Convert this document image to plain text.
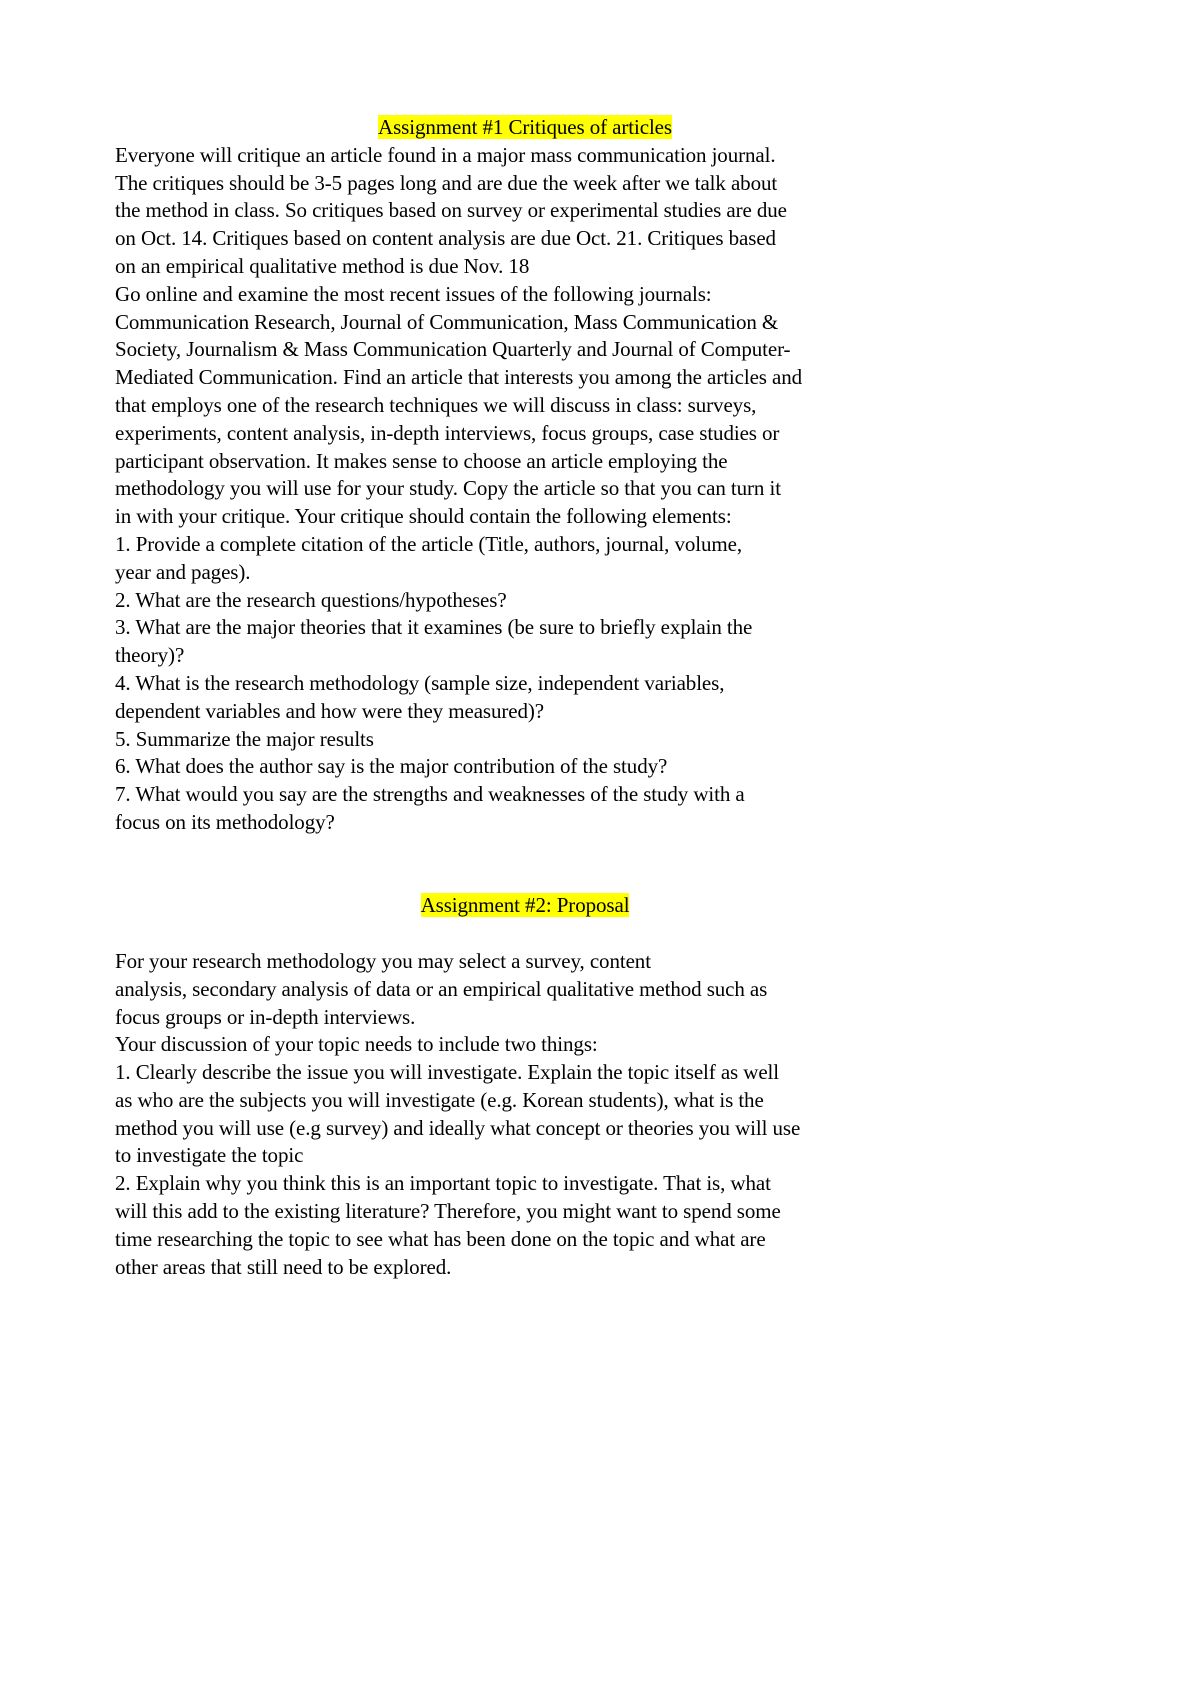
Assignment #1 Critiques of articles
Everyone will critique an article found in a major mass communication journal.
The critiques should be 3-5 pages long and are due the week after we talk about
the method in class. So critiques based on survey or experimental studies are due
on Oct. 14. Critiques based on content analysis are due Oct. 21. Critiques based
on an empirical qualitative method is due Nov. 18
Go online and examine the most recent issues of the following journals:
Communication Research, Journal of Communication, Mass Communication &
Society, Journalism & Mass Communication Quarterly and Journal of Computer-
Mediated Communication. Find an article that interests you among the articles and
that employs one of the research techniques we will discuss in class: surveys,
experiments, content analysis, in-depth interviews, focus groups, case studies or
participant observation. It makes sense to choose an article employing the
methodology you will use for your study. Copy the article so that you can turn it
in with your critique. Your critique should contain the following elements:
1. Provide a complete citation of the article (Title, authors, journal, volume,
year and pages).
2. What are the research questions/hypotheses?
3. What are the major theories that it examines (be sure to briefly explain the
theory)?
4. What is the research methodology (sample size, independent variables,
dependent variables and how were they measured)?
5. Summarize the major results
6. What does the author say is the major contribution of the study?
7. What would you say are the strengths and weaknesses of the study with a
focus on its methodology?
Assignment #2: Proposal
For your research methodology you may select a survey, content
analysis, secondary analysis of data or an empirical qualitative method such as
focus groups or in-depth interviews.
Your discussion of your topic needs to include two things:
1. Clearly describe the issue you will investigate. Explain the topic itself as well
as who are the subjects you will investigate (e.g. Korean students), what is the
method you will use (e.g survey) and ideally what concept or theories you will use
to investigate the topic
2. Explain why you think this is an important topic to investigate. That is, what
will this add to the existing literature? Therefore, you might want to spend some
time researching the topic to see what has been done on the topic and what are
other areas that still need to be explored.
